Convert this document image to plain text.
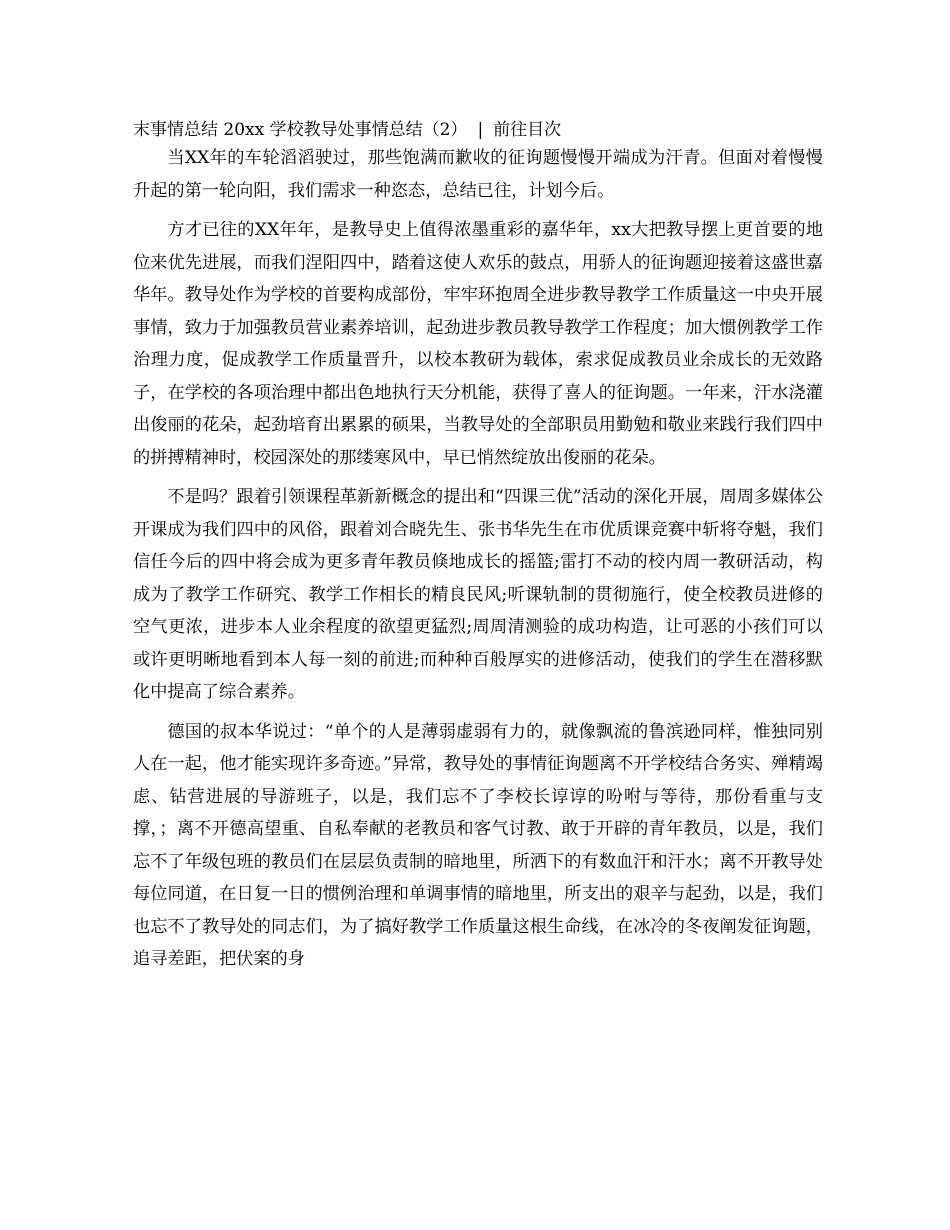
末事情总结 20xx 学校教导处事情总结（2） | 前往目次

当XX年的车轮滔滔驶过，那些饱满而歉收的征询题慢慢开端成为汗青。但面对着慢慢升起的第一轮向阳，我们需求一种恣态，总结已往，计划今后。

方才已往的XX年年，是教导史上值得浓墨重彩的嘉华年，xx大把教导摆上更首要的地位来优先进展，而我们涅阳四中，踏着这使人欢乐的鼓点，用骄人的征询题迎接着这盛世嘉华年。教导处作为学校的首要构成部份，牢牢环抱周全进步教导教学工作质量这一中央开展事情，致力于加强教员营业素养培训，起劲进步教员教导教学工作程度；加大惯例教学工作治理力度，促成教学工作质量晋升，以校本教研为载体，索求促成教员业余成长的无效路子，在学校的各项治理中都出色地执行天分机能，获得了喜人的征询题。一年来，汗水浇灌出俊丽的花朵，起劲培育出累累的硕果，当教导处的全部职员用勤勉和敬业来践行我们四中的拼搏精神时，校园深处的那缕寒风中，早已悄然绽放出俊丽的花朵。

不是吗？跟着引领课程革新新概念的提出和“四课三优”活动的深化开展，周周多媒体公开课成为我们四中的风俗，跟着刘合晓先生、张书华先生在市优质课竞赛中斩将夺魁，我们信任今后的四中将会成为更多青年教员倏地成长的摇篮;雷打不动的校内周一教研活动，构成为了教学工作研究、教学工作相长的精良民风;听课轨制的贯彻施行，使全校教员进修的空气更浓，进步本人业余程度的欲望更猛烈;周周清测验的成功构造，让可恶的小孩们可以或许更明晰地看到本人每一刻的前进;而种种百般厚实的进修活动，使我们的学生在潜移默化中提高了综合素养。

德国的叔本华说过：“单个的人是薄弱虚弱有力的，就像飘流的鲁滨逊同样，惟独同别人在一起，他才能实现许多奇迹。”异常，教导处的事情征询题离不开学校结合务实、殚精竭虑、钻营进展的导游班子，以是，我们忘不了李校长谆谆的吩咐与等待，那份看重与支撑，；离不开德高望重、自私奉献的老教员和客气讨教、敢于开辟的青年教员，以是，我们忘不了年级包班的教员们在层层负责制的暗地里，所洒下的有数血汗和汗水；离不开教导处每位同道，在日复一日的惯例治理和单调事情的暗地里，所支出的艰辛与起劲，以是，我们也忘不了教导处的同志们，为了搞好教学工作质量这根生命线，在冰冷的冬夜阐发征询题，追寻差距，把伏案的身
